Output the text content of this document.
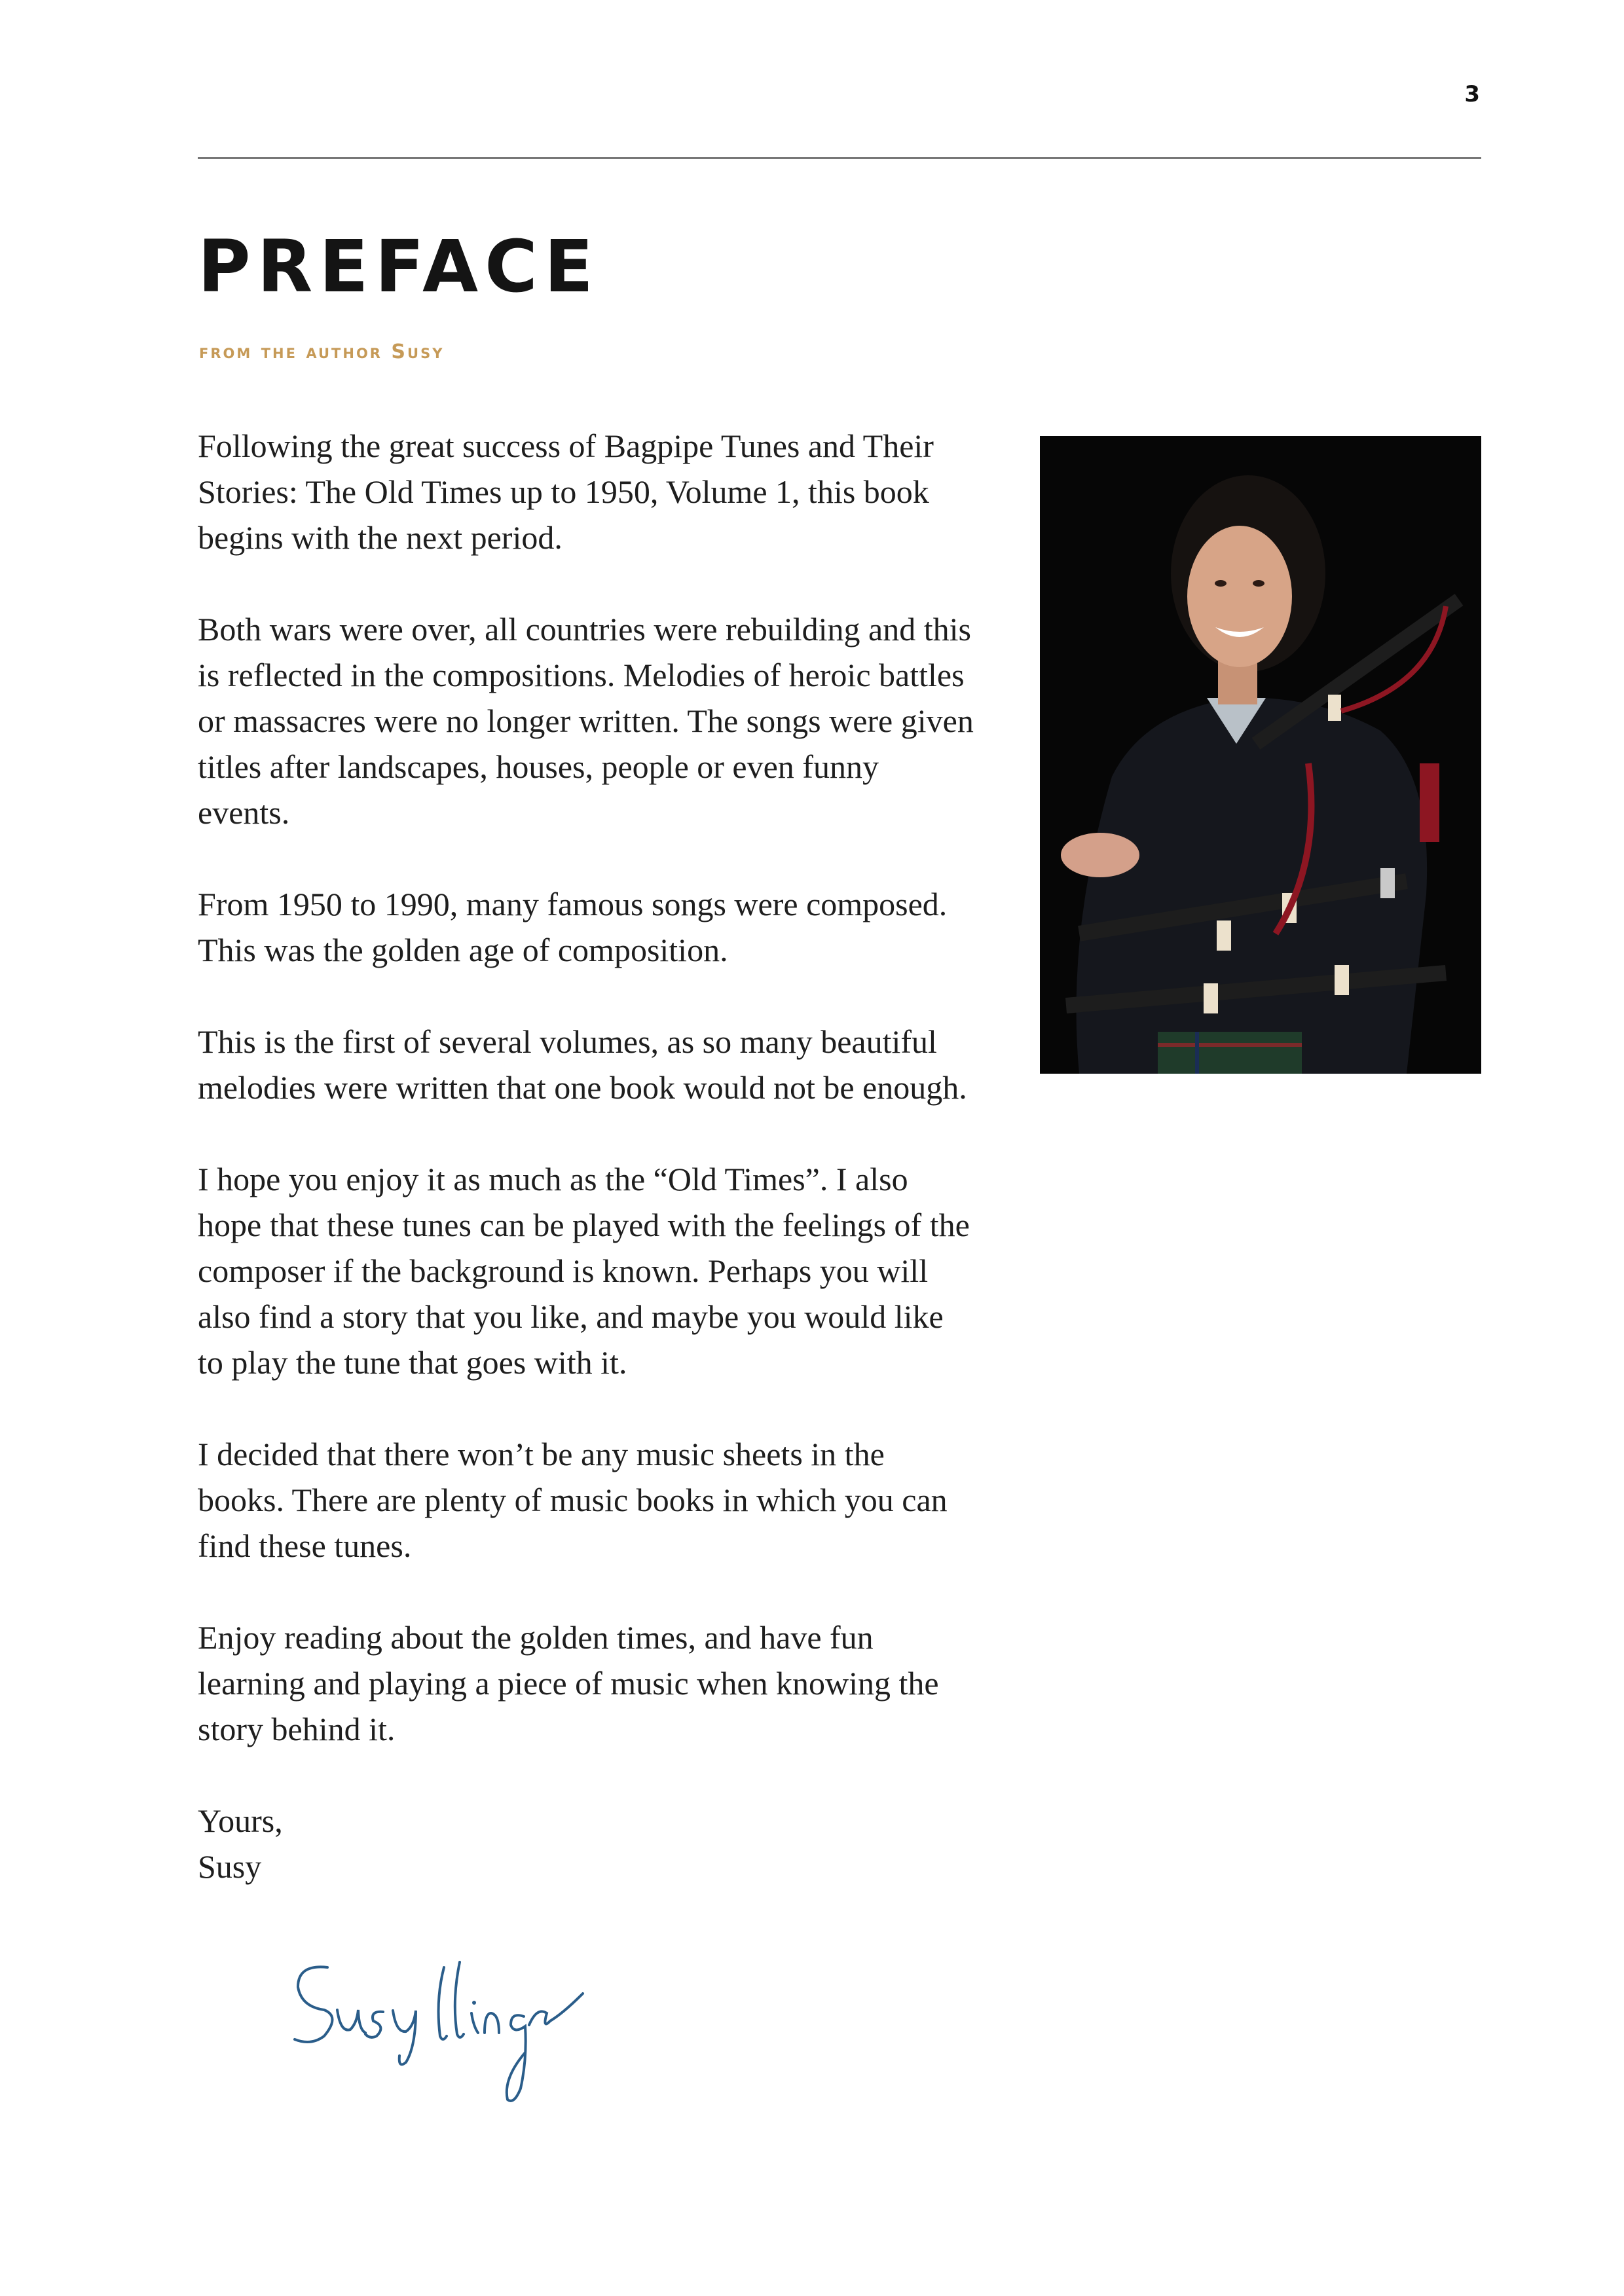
3
PREFACE
from the author Susy

Following the great success of Bagpipe Tunes and Their Stories: The Old Times up to 1950, Volume 1, this book begins with the next period.

Both wars were over, all countries were rebuilding and this is reflected in the compositions. Melodies of heroic battles or massacres were no longer written. The songs were given titles after landscapes, houses, people or even funny events.

From 1950 to 1990, many famous songs were composed. This was the golden age of composition.

This is the first of several volumes, as so many beautiful melodies were written that one book would not be enough.

I hope you enjoy it as much as the “Old Times”. I also hope that these tunes can be played with the feelings of the composer if the background is known. Perhaps you will also find a story that you like, and maybe you would like to play the tune that goes with it.

I decided that there won’t be any music sheets in the books. There are plenty of music books in which you can find these tunes.

Enjoy reading about the golden times, and have fun learning and playing a piece of music when knowing the story behind it.

Yours,
Susy
